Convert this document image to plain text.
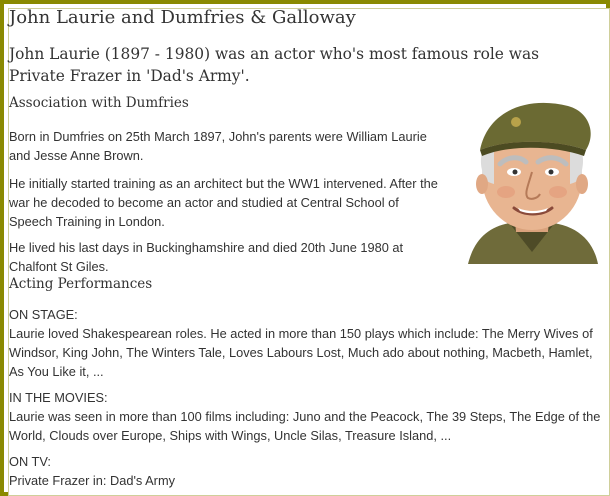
John Laurie and Dumfries & Galloway

John Laurie (1897 - 1980) was an actor who's most famous role was Private Frazer in 'Dad's Army'.

Association with Dumfries

Born in Dumfries on 25th March 1897, John's parents were William Laurie and Jesse Anne Brown.

He initially started training as an architect but the WW1 intervened. After the war he decoded to become an actor and studied at Central School of Speech Training in London.

He lived his last days in Buckinghamshire and died 20th June 1980 at Chalfont St Giles.

Acting Performances
ON STAGE:
Laurie loved Shakespearean roles. He acted in more than 150 plays which include: The Merry Wives of Windsor, King John, The Winters Tale, Loves Labours Lost, Much ado about nothing, Macbeth, Hamlet, As You Like it, ...
IN THE MOVIES:
Laurie was seen in more than 100 films including: Juno and the Peacock, The 39 Steps, The Edge of the World, Clouds over Europe, Ships with Wings, Uncle Silas, Treasure Island, ...
ON TV:
Private Frazer in: Dad's Army
